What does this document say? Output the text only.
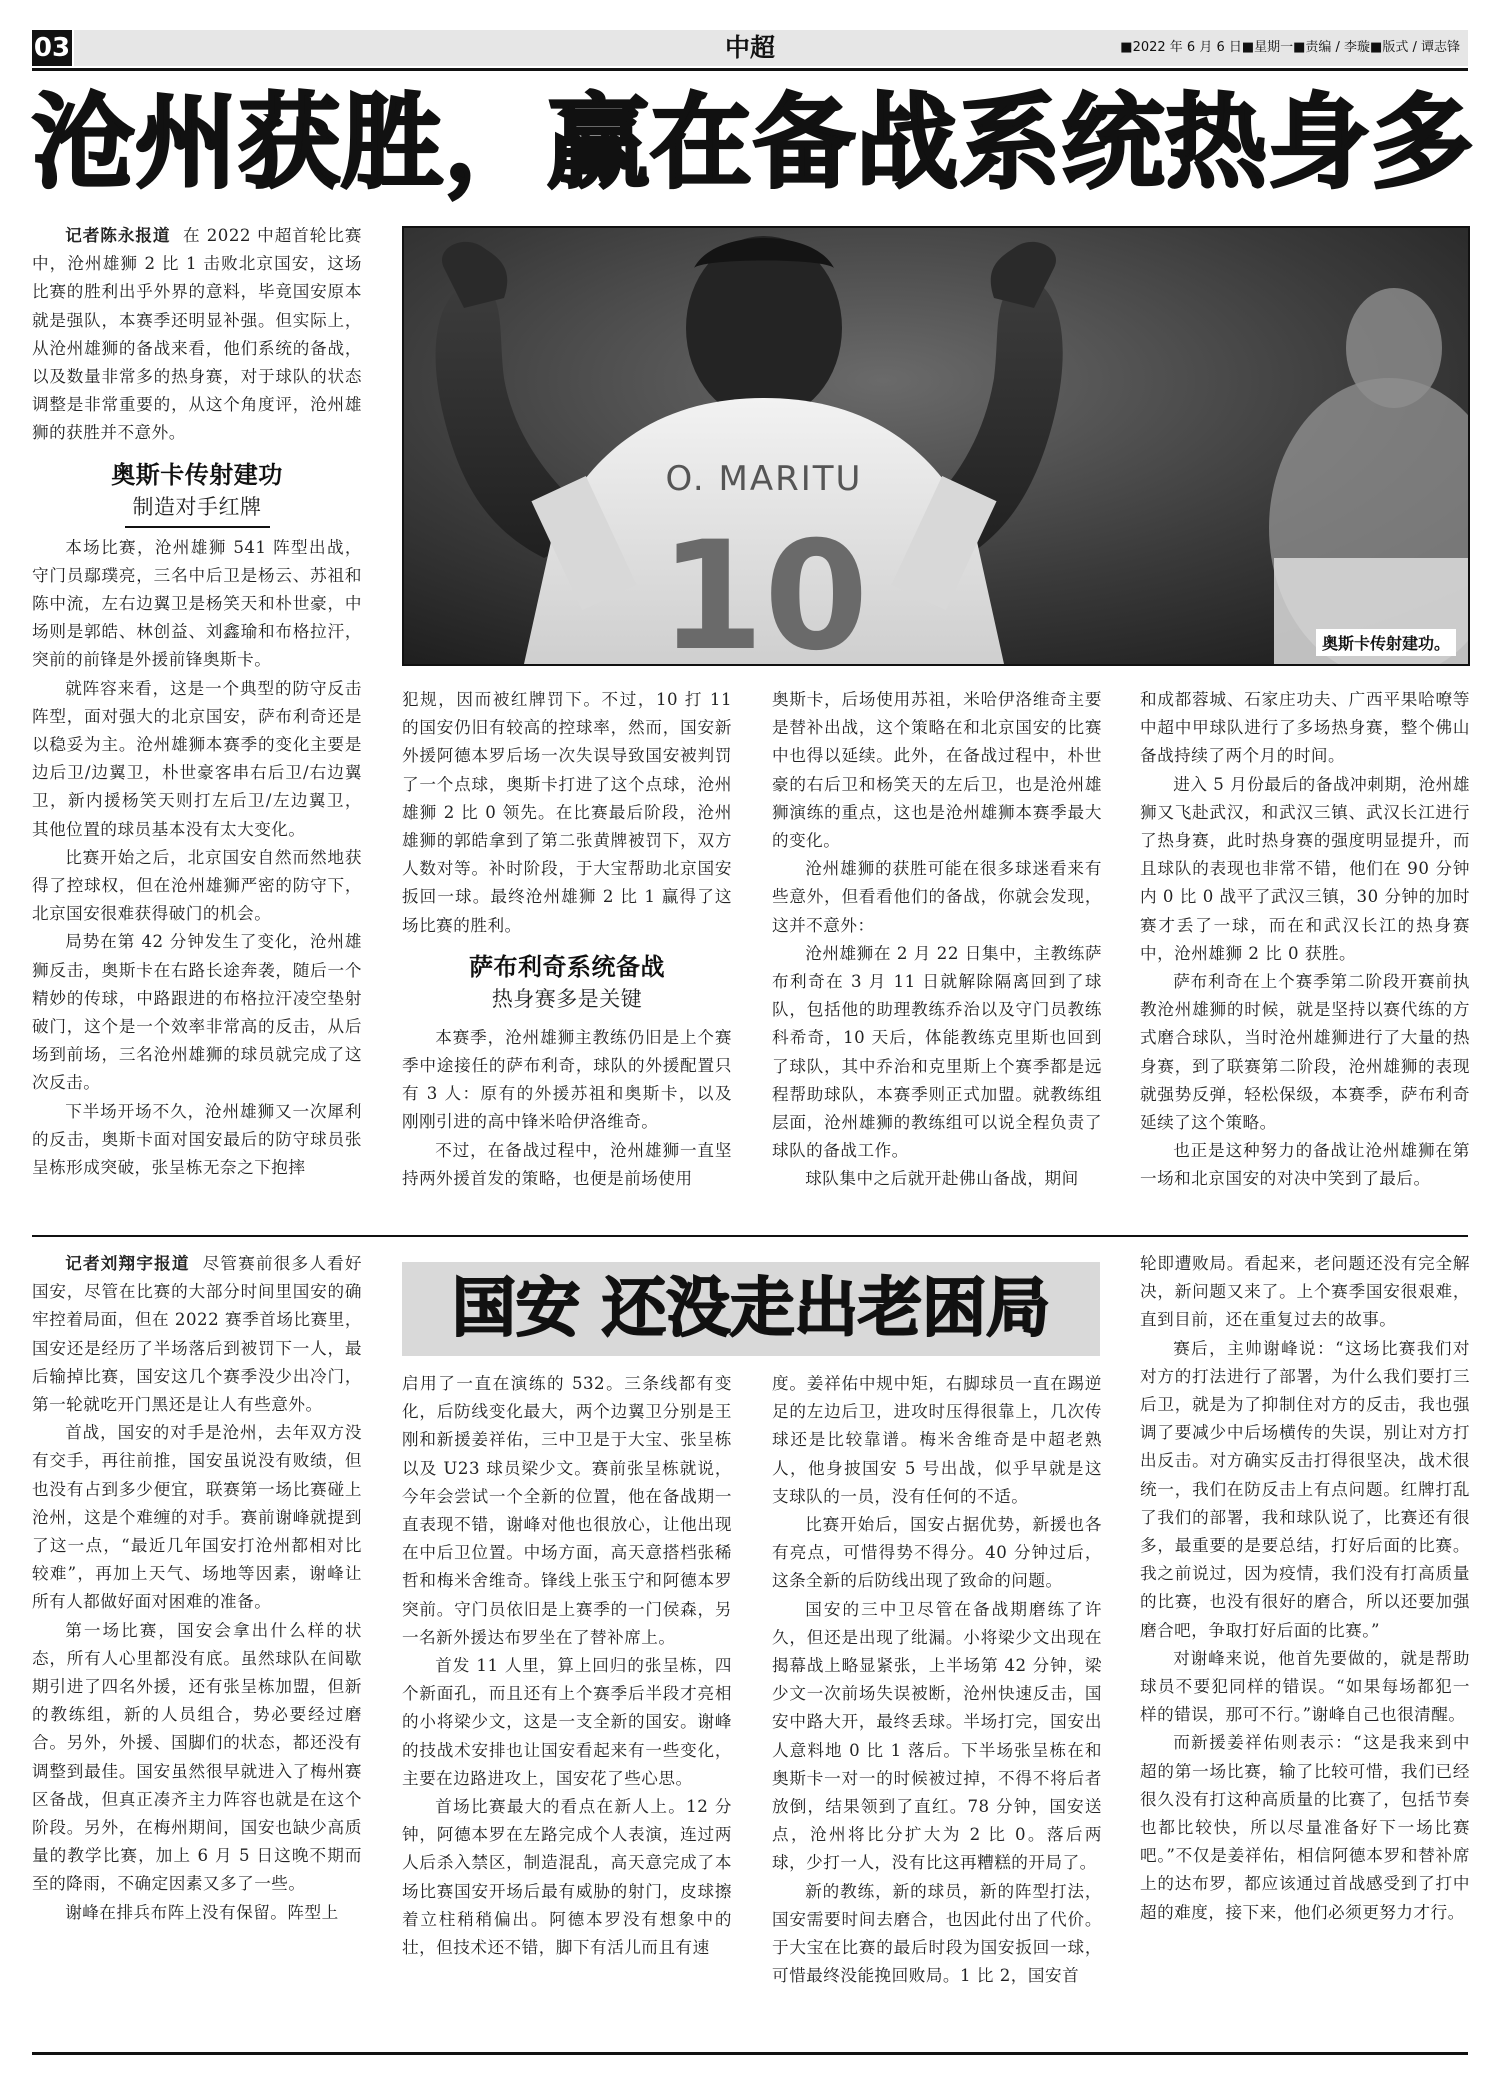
03	中超	■2022 年 6 月 6 日■星期一■责编 / 李璇■版式 / 谭志锋
沧州获胜，赢在备战系统热身多

记者陈永报道 在 2022 中超首轮比赛中，沧州雄狮 2 比 1 击败北京国安，这场比赛的胜利出乎外界的意料，毕竟国安原本就是强队，本赛季还明显补强。但实际上，从沧州雄狮的备战来看，他们系统的备战，以及数量非常多的热身赛，对于球队的状态调整是非常重要的，从这个角度评，沧州雄狮的获胜并不意外。

奥斯卡传射建功
制造对手红牌

本场比赛，沧州雄狮 541 阵型出战，守门员鄢璞亮，三名中后卫是杨云、苏祖和陈中流，左右边翼卫是杨笑天和朴世豪，中场则是郭皓、林创益、刘鑫瑜和布格拉汗，突前的前锋是外援前锋奥斯卡。

就阵容来看，这是一个典型的防守反击阵型，面对强大的北京国安，萨布利奇还是以稳妥为主。沧州雄狮本赛季的变化主要是边后卫/边翼卫，朴世豪客串右后卫/右边翼卫，新内援杨笑天则打左后卫/左边翼卫，其他位置的球员基本没有太大变化。

比赛开始之后，北京国安自然而然地获得了控球权，但在沧州雄狮严密的防守下，北京国安很难获得破门的机会。

局势在第 42 分钟发生了变化，沧州雄狮反击，奥斯卡在右路长途奔袭，随后一个精妙的传球，中路跟进的布格拉汗凌空垫射破门，这个是一个效率非常高的反击，从后场到前场，三名沧州雄狮的球员就完成了这次反击。

下半场开场不久，沧州雄狮又一次犀利的反击，奥斯卡面对国安最后的防守球员张呈栋形成突破，张呈栋无奈之下抱摔

O. MARITU
10	奥斯卡传射建功。

犯规，因而被红牌罚下。不过，10 打 11 的国安仍旧有较高的控球率，然而，国安新外援阿德本罗后场一次失误导致国安被判罚了一个点球，奥斯卡打进了这个点球，沧州雄狮 2 比 0 领先。在比赛最后阶段，沧州雄狮的郭皓拿到了第二张黄牌被罚下，双方人数对等。补时阶段，于大宝帮助北京国安扳回一球。最终沧州雄狮 2 比 1 赢得了这场比赛的胜利。

萨布利奇系统备战
热身赛多是关键

本赛季，沧州雄狮主教练仍旧是上个赛季中途接任的萨布利奇，球队的外援配置只有 3 人：原有的外援苏祖和奥斯卡，以及刚刚引进的高中锋米哈伊洛维奇。

不过，在备战过程中，沧州雄狮一直坚持两外援首发的策略，也便是前场使用

奥斯卡，后场使用苏祖，米哈伊洛维奇主要是替补出战，这个策略在和北京国安的比赛中也得以延续。此外，在备战过程中，朴世豪的右后卫和杨笑天的左后卫，也是沧州雄狮演练的重点，这也是沧州雄狮本赛季最大的变化。

沧州雄狮的获胜可能在很多球迷看来有些意外，但看看他们的备战，你就会发现，这并不意外：

沧州雄狮在 2 月 22 日集中，主教练萨布利奇在 3 月 11 日就解除隔离回到了球队，包括他的助理教练乔治以及守门员教练科希奇，10 天后，体能教练克里斯也回到了球队，其中乔治和克里斯上个赛季都是远程帮助球队，本赛季则正式加盟。就教练组层面，沧州雄狮的教练组可以说全程负责了球队的备战工作。

球队集中之后就开赴佛山备战，期间

和成都蓉城、石家庄功夫、广西平果哈嘹等中超中甲球队进行了多场热身赛，整个佛山备战持续了两个月的时间。

进入 5 月份最后的备战冲刺期，沧州雄狮又飞赴武汉，和武汉三镇、武汉长江进行了热身赛，此时热身赛的强度明显提升，而且球队的表现也非常不错，他们在 90 分钟内 0 比 0 战平了武汉三镇，30 分钟的加时赛才丢了一球，而在和武汉长江的热身赛中，沧州雄狮 2 比 0 获胜。

萨布利奇在上个赛季第二阶段开赛前执教沧州雄狮的时候，就是坚持以赛代练的方式磨合球队，当时沧州雄狮进行了大量的热身赛，到了联赛第二阶段，沧州雄狮的表现就强势反弹，轻松保级，本赛季，萨布利奇延续了这个策略。

也正是这种努力的备战让沧州雄狮在第一场和北京国安的对决中笑到了最后。

国安 还没走出老困局

记者刘翔宇报道 尽管赛前很多人看好国安，尽管在比赛的大部分时间里国安的确牢控着局面，但在 2022 赛季首场比赛里，国安还是经历了半场落后到被罚下一人，最后输掉比赛，国安这几个赛季没少出冷门，第一轮就吃开门黑还是让人有些意外。

首战，国安的对手是沧州，去年双方没有交手，再往前推，国安虽说没有败绩，但也没有占到多少便宜，联赛第一场比赛碰上沧州，这是个难缠的对手。赛前谢峰就提到了这一点，“最近几年国安打沧州都相对比较难”，再加上天气、场地等因素，谢峰让所有人都做好面对困难的准备。

第一场比赛，国安会拿出什么样的状态，所有人心里都没有底。虽然球队在间歇期引进了四名外援，还有张呈栋加盟，但新的教练组，新的人员组合，势必要经过磨合。另外，外援、国脚们的状态，都还没有调整到最佳。国安虽然很早就进入了梅州赛区备战，但真正凑齐主力阵容也就是在这个阶段。另外，在梅州期间，国安也缺少高质量的教学比赛，加上 6 月 5 日这晚不期而至的降雨，不确定因素又多了一些。

谢峰在排兵布阵上没有保留。阵型上

启用了一直在演练的 532。三条线都有变化，后防线变化最大，两个边翼卫分别是王刚和新援姜祥佑，三中卫是于大宝、张呈栋以及 U23 球员梁少文。赛前张呈栋就说，今年会尝试一个全新的位置，他在备战期一直表现不错，谢峰对他也很放心，让他出现在中后卫位置。中场方面，高天意搭档张稀哲和梅米舍维奇。锋线上张玉宁和阿德本罗突前。守门员依旧是上赛季的一门侯森，另一名新外援达布罗坐在了替补席上。

首发 11 人里，算上回归的张呈栋，四个新面孔，而且还有上个赛季后半段才亮相的小将梁少文，这是一支全新的国安。谢峰的技战术安排也让国安看起来有一些变化，主要在边路进攻上，国安花了些心思。

首场比赛最大的看点在新人上。12 分钟，阿德本罗在左路完成个人表演，连过两人后杀入禁区，制造混乱，高天意完成了本场比赛国安开场后最有威胁的射门，皮球擦着立柱稍稍偏出。阿德本罗没有想象中的壮，但技术还不错，脚下有活儿而且有速

度。姜祥佑中规中矩，右脚球员一直在踢逆足的左边后卫，进攻时压得很靠上，几次传球还是比较靠谱。梅米舍维奇是中超老熟人，他身披国安 5 号出战，似乎早就是这支球队的一员，没有任何的不适。

比赛开始后，国安占据优势，新援也各有亮点，可惜得势不得分。40 分钟过后，这条全新的后防线出现了致命的问题。

国安的三中卫尽管在备战期磨练了许久，但还是出现了纰漏。小将梁少文出现在揭幕战上略显紧张，上半场第 42 分钟，梁少文一次前场失误被断，沧州快速反击，国安中路大开，最终丢球。半场打完，国安出人意料地 0 比 1 落后。下半场张呈栋在和奥斯卡一对一的时候被过掉，不得不将后者放倒，结果领到了直红。78 分钟，国安送点，沧州将比分扩大为 2 比 0。落后两球，少打一人，没有比这再糟糕的开局了。

新的教练，新的球员，新的阵型打法，国安需要时间去磨合，也因此付出了代价。于大宝在比赛的最后时段为国安扳回一球，可惜最终没能挽回败局。1 比 2，国安首

轮即遭败局。看起来，老问题还没有完全解决，新问题又来了。上个赛季国安很艰难，直到目前，还在重复过去的故事。

赛后，主帅谢峰说：“这场比赛我们对对方的打法进行了部署，为什么我们要打三后卫，就是为了抑制住对方的反击，我也强调了要减少中后场横传的失误，别让对方打出反击。对方确实反击打得很坚决，战术很统一，我们在防反击上有点问题。红牌打乱了我们的部署，我和球队说了，比赛还有很多，最重要的是要总结，打好后面的比赛。我之前说过，因为疫情，我们没有打高质量的比赛，也没有很好的磨合，所以还要加强磨合吧，争取打好后面的比赛。”

对谢峰来说，他首先要做的，就是帮助球员不要犯同样的错误。“如果每场都犯一样的错误，那可不行。”谢峰自己也很清醒。

而新援姜祥佑则表示：“这是我来到中超的第一场比赛，输了比较可惜，我们已经很久没有打这种高质量的比赛了，包括节奏也都比较快，所以尽量准备好下一场比赛吧。”不仅是姜祥佑，相信阿德本罗和替补席上的达布罗，都应该通过首战感受到了打中超的难度，接下来，他们必须更努力才行。
